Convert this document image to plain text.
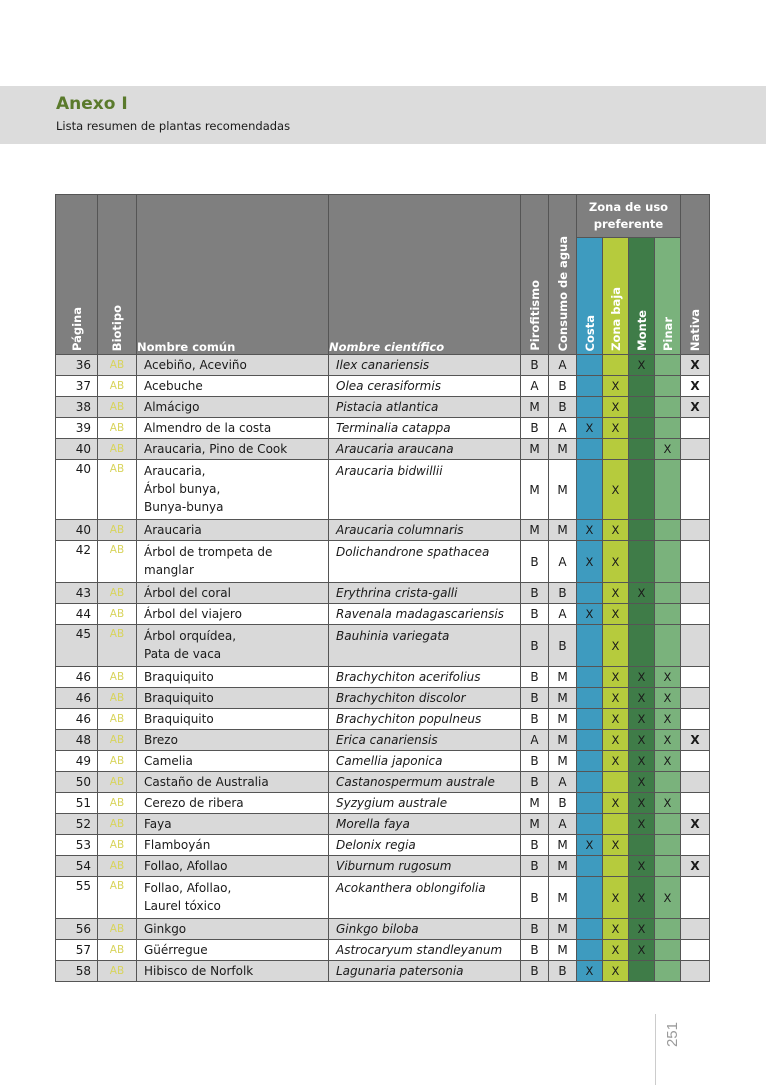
Anexo I
Lista resumen de plantas recomendadas
Página	Biotipo	Nombre común	Nombre científico	Pirofitismo	Consumo de agua	Zona de uso preferente				Nativa
						Costa	Zona baja	Monte	Pinar	
36	AB	Acebiño, Aceviño	Ilex canariensis	B	A			X		X
37	AB	Acebuche	Olea cerasiformis	A	B		X			X
38	AB	Almácigo	Pistacia atlantica	M	B		X			X
39	AB	Almendro de la costa	Terminalia catappa	B	A	X	X			
40	AB	Araucaria, Pino de Cook	Araucaria araucana	M	M				X	
40	AB	Araucaria,
Árbol bunya,
Bunya-bunya	Araucaria bidwillii	M	M		X			
40	AB	Araucaria	Araucaria columnaris	M	M	X	X			
42	AB	Árbol de trompeta de
manglar	Dolichandrone spathacea	B	A	X	X			
43	AB	Árbol del coral	Erythrina crista-galli	B	B		X	X		
44	AB	Árbol del viajero	Ravenala madagascariensis	B	A	X	X			
45	AB	Árbol orquídea,
Pata de vaca	Bauhinia variegata	B	B		X			
46	AB	Braquiquito	Brachychiton acerifolius	B	M		X	X	X	
46	AB	Braquiquito	Brachychiton discolor	B	M		X	X	X	
46	AB	Braquiquito	Brachychiton populneus	B	M		X	X	X	
48	AB	Brezo	Erica canariensis	A	M		X	X	X	X
49	AB	Camelia	Camellia japonica	B	M		X	X	X	
50	AB	Castaño de Australia	Castanospermum australe	B	A			X		
51	AB	Cerezo de ribera	Syzygium australe	M	B		X	X	X	
52	AB	Faya	Morella faya	M	A			X		X
53	AB	Flamboyán	Delonix regia	B	M	X	X			
54	AB	Follao, Afollao	Viburnum rugosum	B	M			X		X
55	AB	Follao, Afollao,
Laurel tóxico	Acokanthera oblongifolia	B	M		X	X	X	
56	AB	Ginkgo	Ginkgo biloba	B	M		X	X		
57	AB	Güérregue	Astrocaryum standleyanum	B	M		X	X		
58	AB	Hibisco de Norfolk	Lagunaria patersonia	B	B	X	X			
251
